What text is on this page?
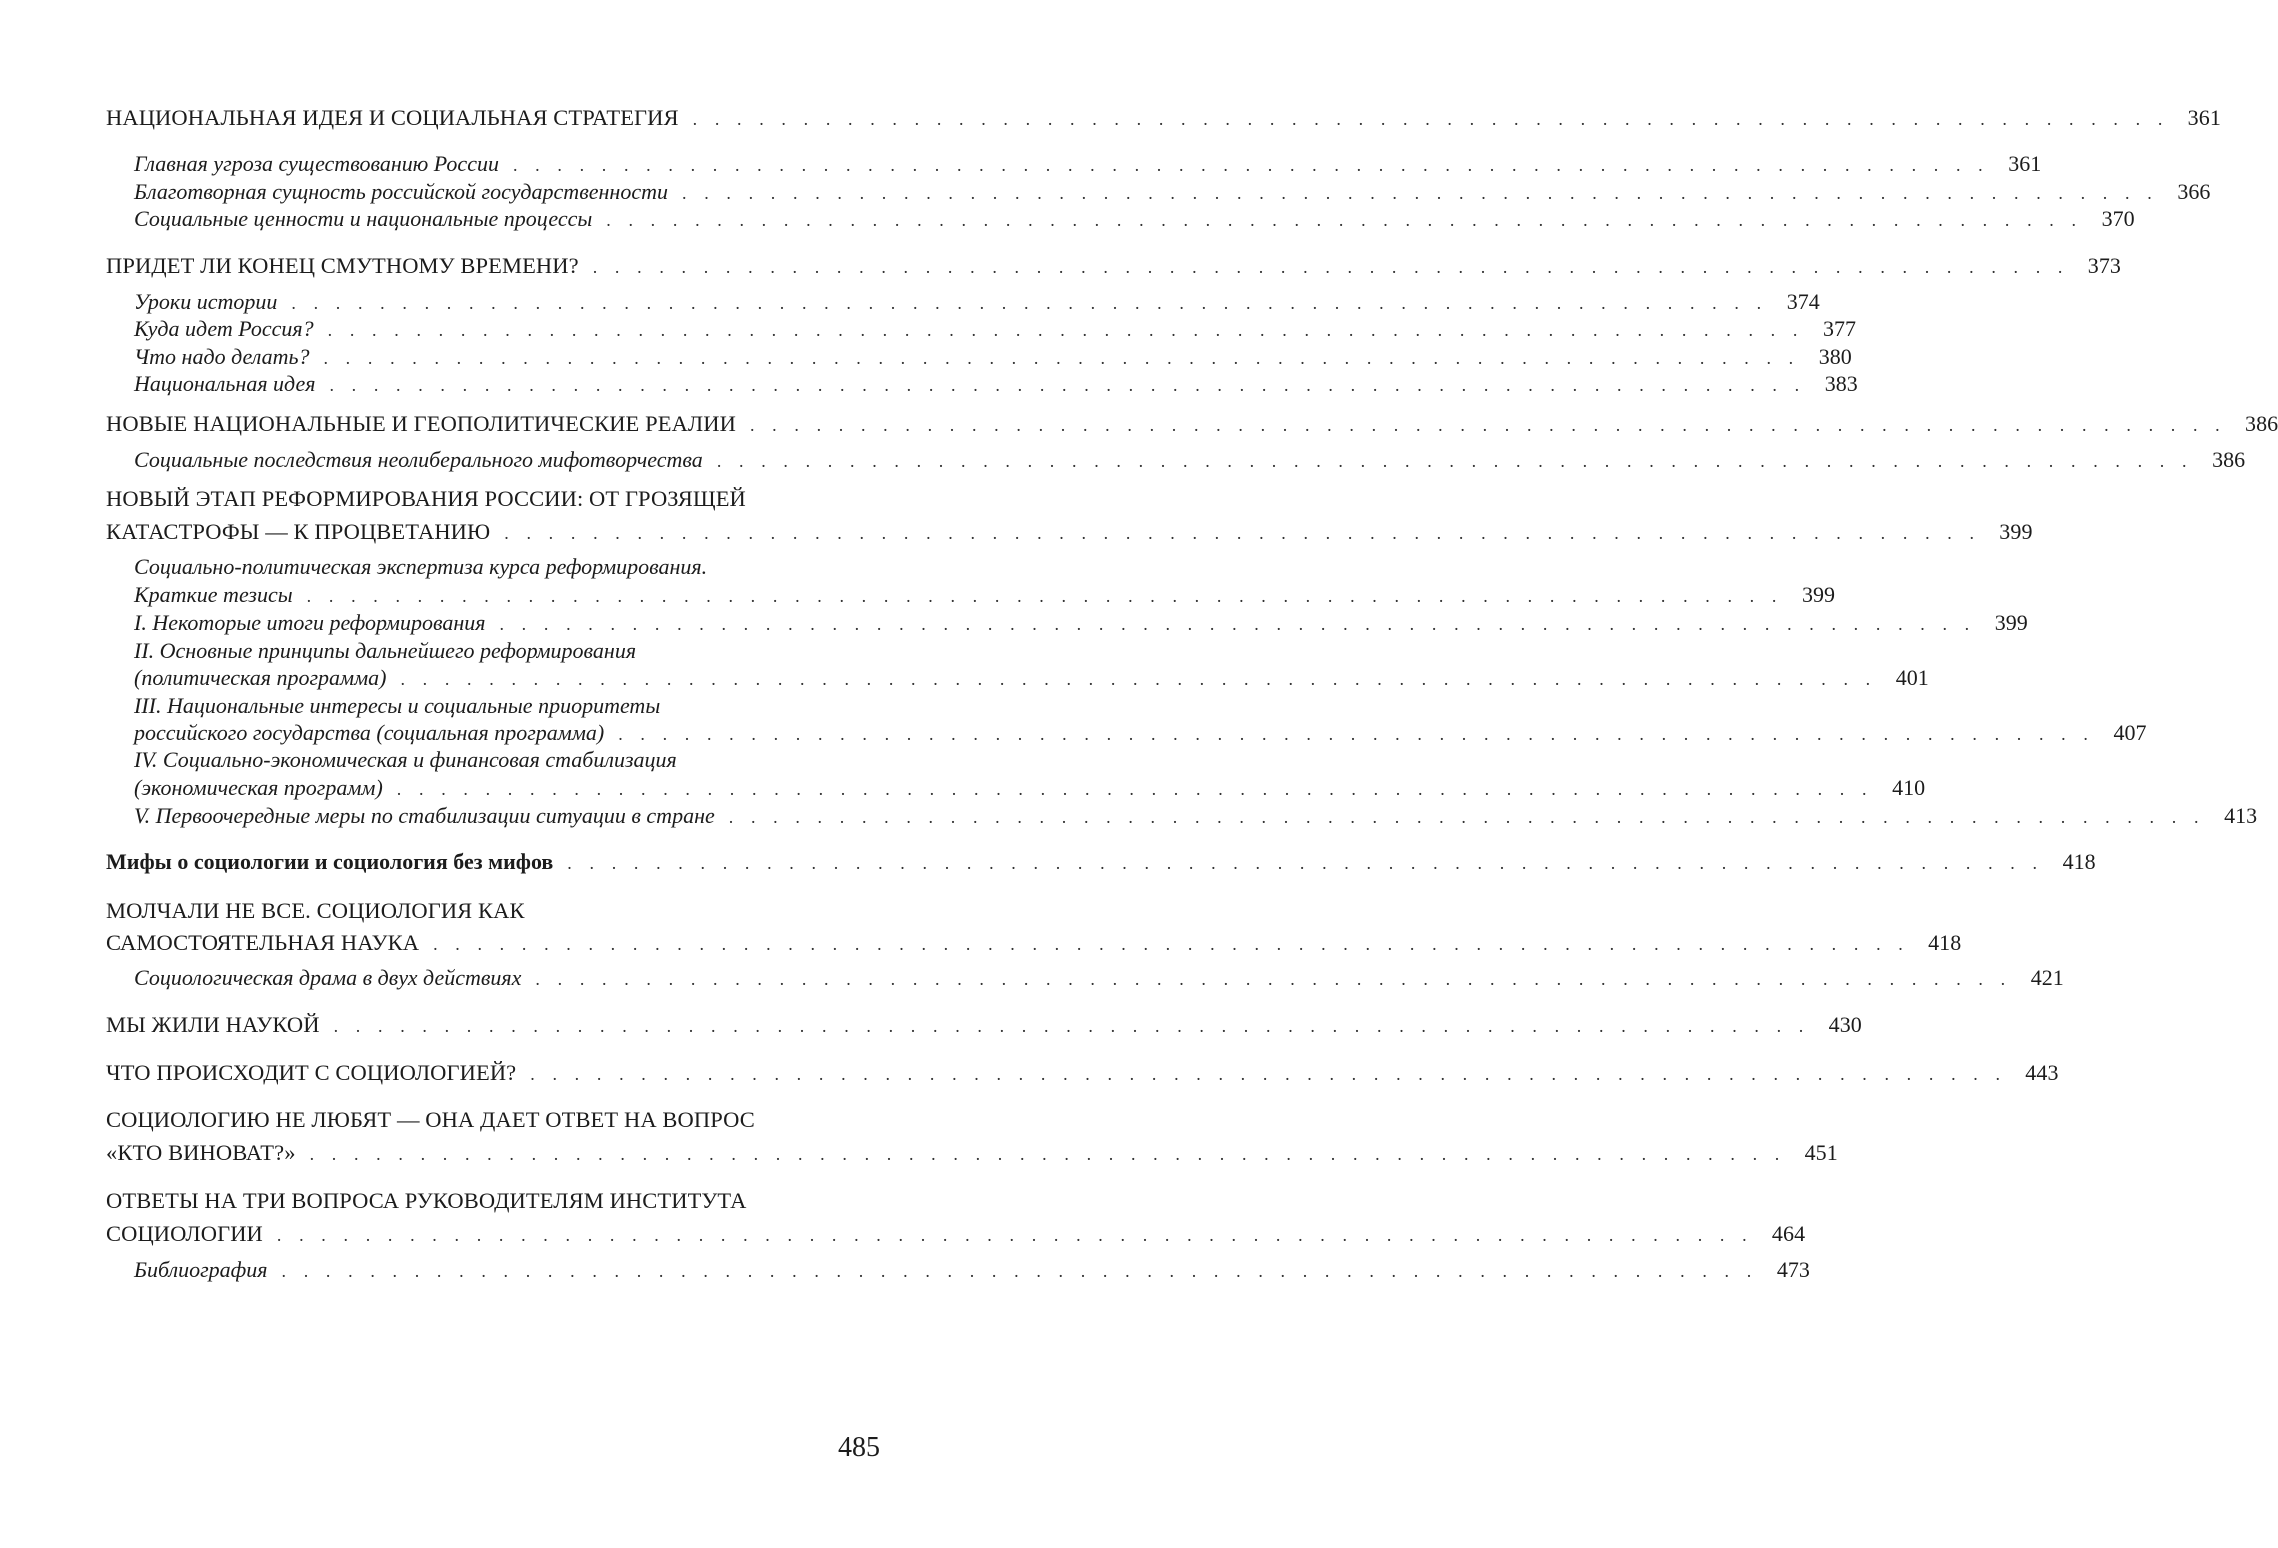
НАЦИОНАЛЬНАЯ ИДЕЯ И СОЦИАЛЬНАЯ СТРАТЕГИЯ . . . . . . . . . . . . . . . . . . . . . . . . . . . . . . . . . . . . . . . . . . . . . . . . . . . . . . . . . . . . . . . . . . . 361
Главная угроза существованию России . . . . . . . . . . . . . . . . . . . . . . . . . . . . . . . . . . . . . . . . . . . . . . . . . . . . . . . . . . . . . . . . . . . 361
Благотворная сущность российской государственности . . . . . . . . . . . . . . . . . . . . . . . . . . . . . . . . . . . . . . . . . . . . . . . . . . . . . . . . . . . . . . . . . . . 366
Социальные ценности и национальные процессы . . . . . . . . . . . . . . . . . . . . . . . . . . . . . . . . . . . . . . . . . . . . . . . . . . . . . . . . . . . . . . . . . . . 370
ПРИДЕТ ЛИ КОНЕЦ СМУТНОМУ ВРЕМЕНИ? . . . . . . . . . . . . . . . . . . . . . . . . . . . . . . . . . . . . . . . . . . . . . . . . . . . . . . . . . . . . . . . . . . . 373
Уроки истории . . . . . . . . . . . . . . . . . . . . . . . . . . . . . . . . . . . . . . . . . . . . . . . . . . . . . . . . . . . . . . . . . . . 374
Куда идет Россия? . . . . . . . . . . . . . . . . . . . . . . . . . . . . . . . . . . . . . . . . . . . . . . . . . . . . . . . . . . . . . . . . . . . 377
Что надо делать? . . . . . . . . . . . . . . . . . . . . . . . . . . . . . . . . . . . . . . . . . . . . . . . . . . . . . . . . . . . . . . . . . . . 380
Национальная идея . . . . . . . . . . . . . . . . . . . . . . . . . . . . . . . . . . . . . . . . . . . . . . . . . . . . . . . . . . . . . . . . . . . 383
НОВЫЕ НАЦИОНАЛЬНЫЕ И ГЕОПОЛИТИЧЕСКИЕ РЕАЛИИ . . . . . . . . . . . . . . . . . . . . . . . . . . . . . . . . . . . . . . . . . . . . . . . . . . . . . . . . . . . . . . . . . . . 386
Социальные последствия неолиберального мифотворчества . . . . . . . . . . . . . . . . . . . . . . . . . . . . . . . . . . . . . . . . . . . . . . . . . . . . . . . . . . . . . . . . . . . 386
НОВЫЙ ЭТАП РЕФОРМИРОВАНИЯ РОССИИ: ОТ ГРОЗЯЩЕЙ
КАТАСТРОФЫ — К ПРОЦВЕТАНИЮ . . . . . . . . . . . . . . . . . . . . . . . . . . . . . . . . . . . . . . . . . . . . . . . . . . . . . . . . . . . . . . . . . . . 399
Социально-политическая экспертиза курса реформирования.
Краткие тезисы . . . . . . . . . . . . . . . . . . . . . . . . . . . . . . . . . . . . . . . . . . . . . . . . . . . . . . . . . . . . . . . . . . . 399
I. Некоторые итоги реформирования . . . . . . . . . . . . . . . . . . . . . . . . . . . . . . . . . . . . . . . . . . . . . . . . . . . . . . . . . . . . . . . . . . . 399
II. Основные принципы дальнейшего реформирования
(политическая программа) . . . . . . . . . . . . . . . . . . . . . . . . . . . . . . . . . . . . . . . . . . . . . . . . . . . . . . . . . . . . . . . . . . . 401
III. Национальные интересы и социальные приоритеты
российского государства (социальная программа) . . . . . . . . . . . . . . . . . . . . . . . . . . . . . . . . . . . . . . . . . . . . . . . . . . . . . . . . . . . . . . . . . . . 407
IV. Социально-экономическая и финансовая стабилизация
(экономическая программ) . . . . . . . . . . . . . . . . . . . . . . . . . . . . . . . . . . . . . . . . . . . . . . . . . . . . . . . . . . . . . . . . . . . 410
V. Первоочередные меры по стабилизации ситуации в стране . . . . . . . . . . . . . . . . . . . . . . . . . . . . . . . . . . . . . . . . . . . . . . . . . . . . . . . . . . . . . . . . . . . 413
Мифы о социологии и социология без мифов . . . . . . . . . . . . . . . . . . . . . . . . . . . . . . . . . . . . . . . . . . . . . . . . . . . . . . . . . . . . . . . . . . . 418
МОЛЧАЛИ НЕ ВСЕ. СОЦИОЛОГИЯ КАК
САМОСТОЯТЕЛЬНАЯ НАУКА . . . . . . . . . . . . . . . . . . . . . . . . . . . . . . . . . . . . . . . . . . . . . . . . . . . . . . . . . . . . . . . . . . . 418
Социологическая драма в двух действиях . . . . . . . . . . . . . . . . . . . . . . . . . . . . . . . . . . . . . . . . . . . . . . . . . . . . . . . . . . . . . . . . . . . 421
МЫ ЖИЛИ НАУКОЙ . . . . . . . . . . . . . . . . . . . . . . . . . . . . . . . . . . . . . . . . . . . . . . . . . . . . . . . . . . . . . . . . . . . 430
ЧТО ПРОИСХОДИТ С СОЦИОЛОГИЕЙ? . . . . . . . . . . . . . . . . . . . . . . . . . . . . . . . . . . . . . . . . . . . . . . . . . . . . . . . . . . . . . . . . . . . 443
СОЦИОЛОГИЮ НЕ ЛЮБЯТ — ОНА ДАЕТ ОТВЕТ НА ВОПРОС
«КТО ВИНОВАТ?» . . . . . . . . . . . . . . . . . . . . . . . . . . . . . . . . . . . . . . . . . . . . . . . . . . . . . . . . . . . . . . . . . . . 451
ОТВЕТЫ НА ТРИ ВОПРОСА РУКОВОДИТЕЛЯМ ИНСТИТУТА
СОЦИОЛОГИИ . . . . . . . . . . . . . . . . . . . . . . . . . . . . . . . . . . . . . . . . . . . . . . . . . . . . . . . . . . . . . . . . . . . 464
Библиография . . . . . . . . . . . . . . . . . . . . . . . . . . . . . . . . . . . . . . . . . . . . . . . . . . . . . . . . . . . . . . . . . . . 473
485
